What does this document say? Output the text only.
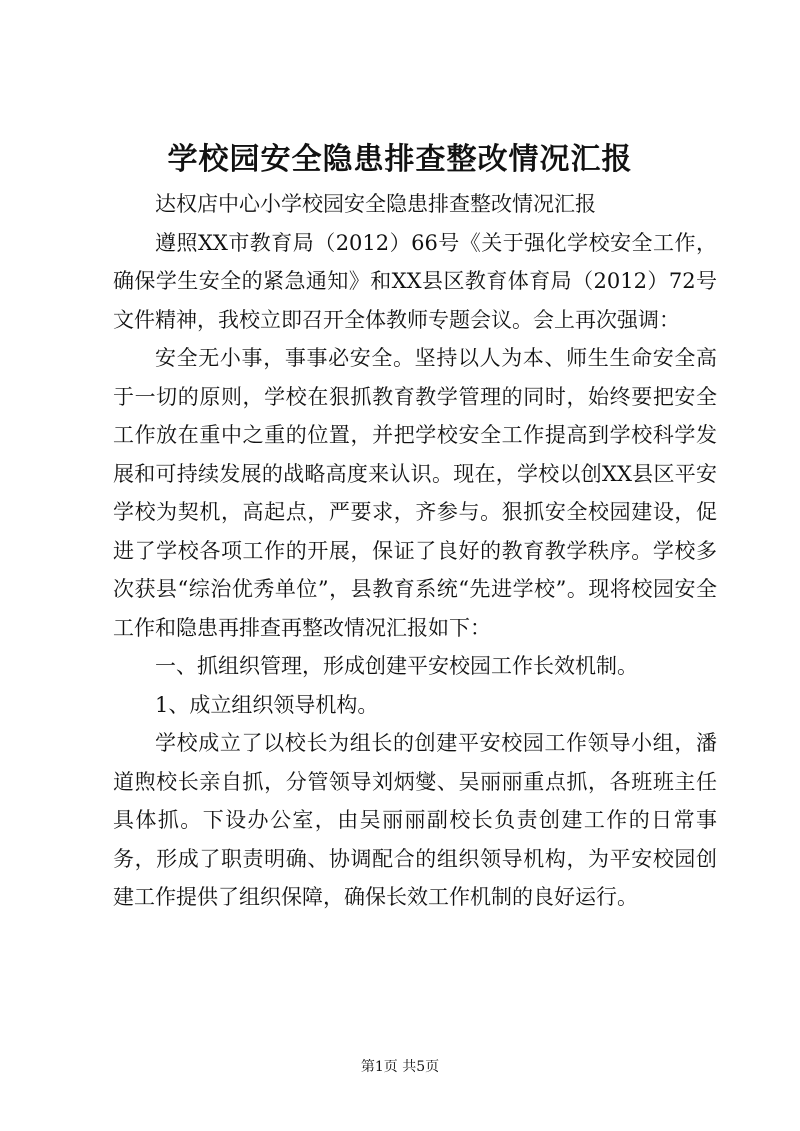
学校园安全隐患排查整改情况汇报

达权店中心小学校园安全隐患排查整改情况汇报

遵照XX市教育局（2012）66号《关于强化学校安全工作，确保学生安全的紧急通知》和XX县区教育体育局（2012）72号文件精神，我校立即召开全体教师专题会议。会上再次强调：

安全无小事，事事必安全。坚持以人为本、师生生命安全高于一切的原则，学校在狠抓教育教学管理的同时，始终要把安全工作放在重中之重的位置，并把学校安全工作提高到学校科学发展和可持续发展的战略高度来认识。现在，学校以创XX县区平安学校为契机，高起点，严要求，齐参与。狠抓安全校园建设，促进了学校各项工作的开展，保证了良好的教育教学秩序。学校多次获县“综治优秀单位”，县教育系统“先进学校”。现将校园安全工作和隐患再排查再整改情况汇报如下：

一、抓组织管理，形成创建平安校园工作长效机制。

1、成立组织领导机构。

学校成立了以校长为组长的创建平安校园工作领导小组，潘道煦校长亲自抓，分管领导刘炳燮、吴丽丽重点抓，各班班主任具体抓。下设办公室，由吴丽丽副校长负责创建工作的日常事务，形成了职责明确、协调配合的组织领导机构，为平安校园创建工作提供了组织保障，确保长效工作机制的良好运行。

第1页 共5页
